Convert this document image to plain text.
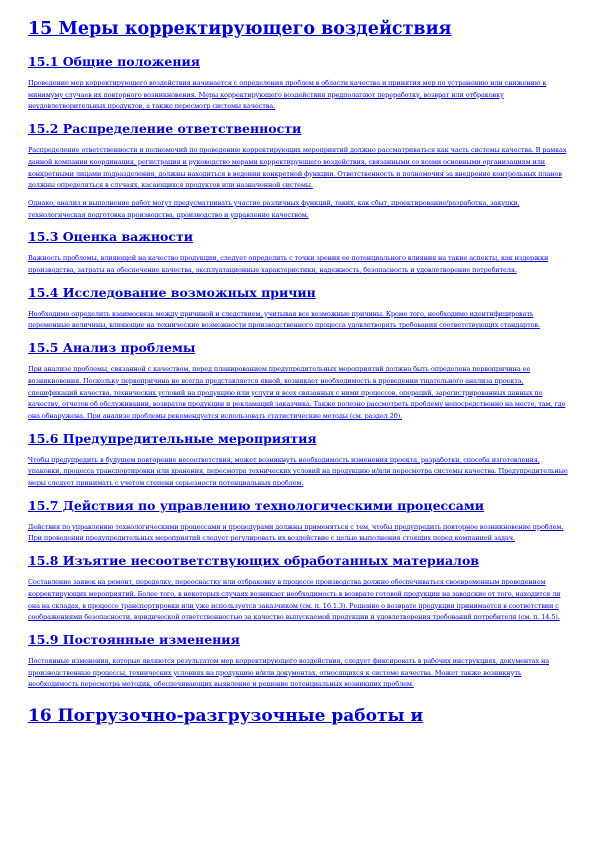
15 Меры корректирующего воздействия
15.1 Общие положения

Проведение мер корректирующего воздействия начинается с определения проблем в области качества и принятия мер по устранению или снижению к минимуму случаев их повторного возникновения. Меры корректирующего воздействия предполагают переработку, возврат или отбраковку неудовлетворительных продуктов, а также пересмотр системы качества.

15.2 Распределение ответственности

Распределение ответственности и полномочий по проведению корректирующих мероприятий должно рассматриваться как часть системы качества. В рамках данной компании координация, регистрация и руководство мерами корректирующего воздействия, связанными со всеми основными организациям или конкретными лицами подразделения, должны находиться в ведении конкретной функции. Ответственность и полномочия за внедрение контрольных планов должны определяться в случаях, касающихся продуктов или назначенной системы.

Однако, анализ и выполнение работ могут предусматривать участие различных функций, таких, как сбыт, проектирование/разработка, закупки, технологическая подготовка производства, производство и управление качеством.

15.3 Оценка важности

Важность проблемы, влияющей на качество продукции, следует определить с точки зрения ее потенциального влияния на такие аспекты, как издержки производства, затраты на обеспечение качества, эксплуатационные характеристики, надежность, безопасность и удовлетворение потребителя.

15.4 Исследование возможных причин

Необходимо определить взаимосвязь между причиной и следствием, учитывая все возможные причины. Кроме того, необходимо идентифицировать переменные величины, влияющие на технические возможности производственного процесса удовлетворять требования соответствующих стандартов.

15.5 Анализ проблемы

При анализе проблемы, связанной с качеством, перед планированием предупредительных мероприятий должна быть определена первопричина ее возникновения. Поскольку первопричина не всегда представляется явной, возникает необходимость в проведении тщательного анализа проекта, спецификаций качества, технических условий на продукцию или услуги и всех связанных с ними процессов, операций, зарегистрированных данных по качеству, отчетов об обслуживании, возвратов продукции и рекламаций заказчика. Также полезно рассмотреть проблему непосредственно на месте, там, где она обнаружена. При анализе проблемы рекомендуется использовать статистические методы (см. раздел 20).

15.6 Предупредительные мероприятия

Чтобы предупредить в будущем повторение несоответствия, может возникнуть необходимость изменения проекта, разработки, способа изготовления, упаковки, процесса транспортировки или хранения, пересмотра технических условий на продукцию и/или пересмотра системы качества. Предупредительные меры следует принимать с учетом степени серьезности потенциальных проблем.

15.7 Действия по управлению технологическими процессами

Действия по управлению технологическими процессами и процедурами должны применяться с тем, чтобы предупредить повторное возникновение проблем. При проведении предупредительных мероприятий следует регулировать их воздействие с целью выполнения стоящих перед компанией задач.

15.8 Изъятие несоответствующих обработанных материалов

Составление заявок на ремонт, переделку, переоснастку или отбраковку в процессе производства должно обеспечиваться своевременным проведением корректирующих мероприятий. Более того, в некоторых случаях возникает необходимость в возврате готовой продукции на заводские от того, находится ли она на складах, в процессе транспортировки или уже используется заказчиком (см. п. 16.1.3). Решение о возврате продукции принимается в соответствии с соображениями безопасности, юридической ответственностью за качество выпускаемой продукции и удовлетворения требований потребителя (см. п. 14.5).

15.9 Постоянные изменения

Постоянные изменения, которые являются результатом мер корректирующего воздействия, следует фиксировать в рабочих инструкциях, документах на производственные процессы, технических условиях на продукцию и/или документах, относящихся к системе качества. Может также возникнуть необходимость пересмотра методик, обеспечивающих выявление и решение потенциальных возникших проблем.

16 Погрузочно-разгрузочные работы и
